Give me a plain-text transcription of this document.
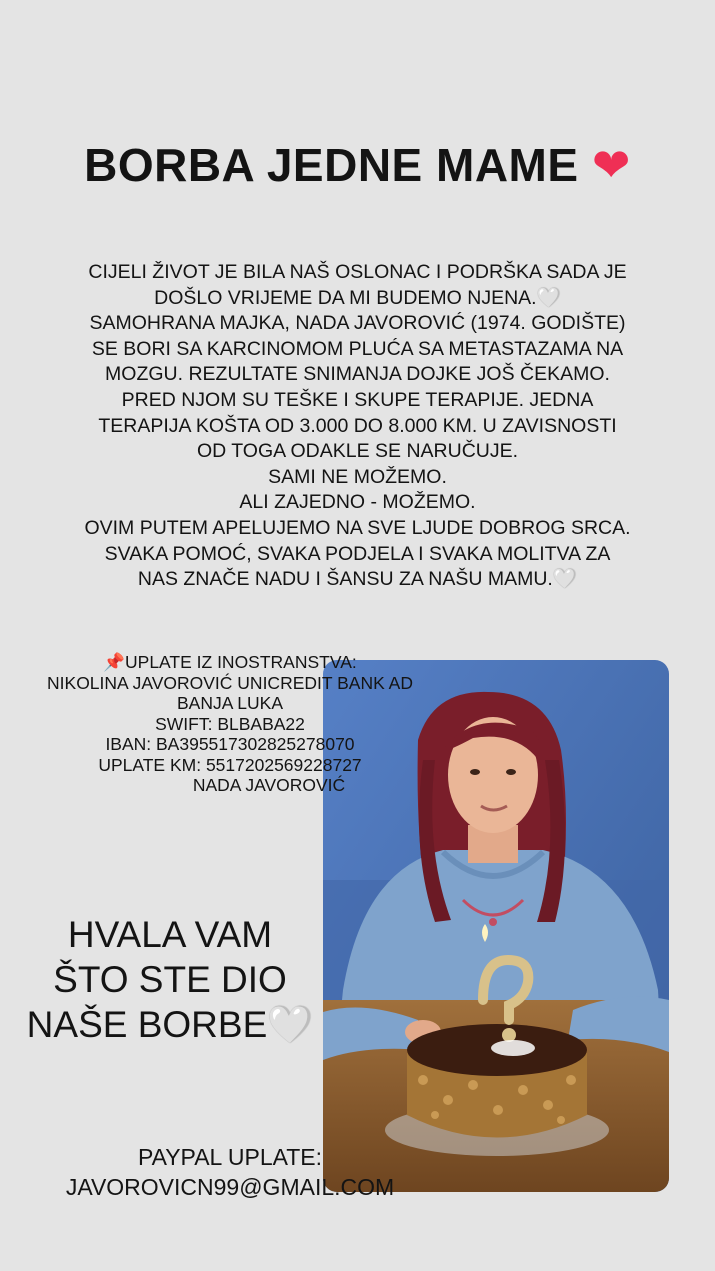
BORBA JEDNE MAME ❤
CIJELI ŽIVOT JE BILA NAŠ OSLONAC I PODRŠKA SADA JE
DOŠLO VRIJEME DA MI BUDEMO NJENA.🤍
SAMOHRANA MAJKA, NADA JAVOROVIĆ (1974. GODIŠTE)
SE BORI SA KARCINOMOM PLUĆA SA METASTAZAMA NA
MOZGU. REZULTATE SNIMANJA DOJKE JOŠ ČEKAMO.
PRED NJOM SU TEŠKE I SKUPE TERAPIJE. JEDNA
TERAPIJA KOŠTA OD 3.000 DO 8.000 KM. U ZAVISNOSTI
OD TOGA ODAKLE SE NARUČUJE.
SAMI NE MOŽEMO.
ALI ZAJEDNO - MOŽEMO.
OVIM PUTEM APELUJEMO NA SVE LJUDE DOBROG SRCA.
SVAKA POMOĆ, SVAKA PODJELA I SVAKA MOLITVA ZA
NAS ZNAČE NADU I ŠANSU ZA NAŠU MAMU.🤍
📌UPLATE IZ INOSTRANSTVA:
NIKOLINA JAVOROVIĆ UNICREDIT BANK AD
BANJA LUKA
SWIFT: BLBABA22
IBAN: BA395517302825278070
UPLATE KM: 5517202569228727
NADA JAVOROVIĆ
HVALA VAM
ŠTO STE DIO
NAŠE BORBE🤍
PAYPAL UPLATE:
JAVOROVICN99@GMAIL.COM
